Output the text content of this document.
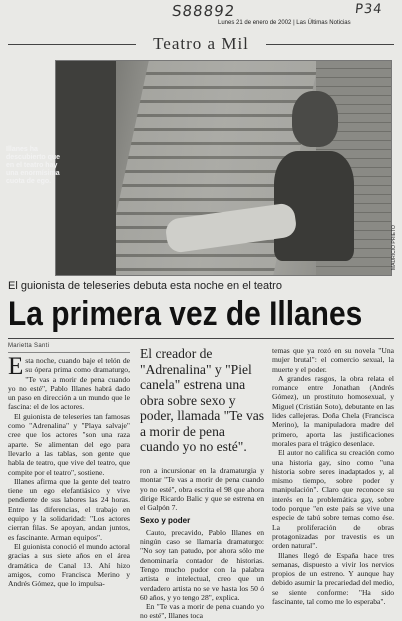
S88892	P34
Lunes 21 de enero de 2002 | Las Últimas Noticias
Teatro a Mil
Illanes ha descubierto que en el teatro hay una enormísima cuota de ego.
MAURICIO PRIETO
El guionista de teleseries debuta esta noche en el teatro
La primera vez de Illanes
Marietta Santi

Esta noche, cuando baje el telón de su ópera prima como dramaturgo, "Te vas a morir de pena cuando yo no esté", Pablo Illanes habrá dado un paso en dirección a un mundo que le fascina: el de los actores.

El guionista de teleseries tan famosas como "Adrenalina" y "Playa salvaje" cree que los actores "son una raza aparte. Se alimentan del ego para llevarlo a las tablas, son gente que habla de teatro, que vive del teatro, que compite por el teatro", sostiene.

Illanes afirma que la gente del teatro tiene un ego elefantiásico y vive pendiente de sus labores las 24 horas. Entre las diferencias, el trabajo en equipo y la solidaridad: "Los actores cierran filas. Se apoyan, andan juntos, es fascinante. Arman equipos".

El guionista conoció el mundo actoral gracias a sus siete años en el área dramática de Canal 13. Ahí hizo amigos, como Francisca Merino y Andrés Gómez, que lo impulsa-

El creador de "Adrenalina" y "Piel canela" estrena una obra sobre sexo y poder, llamada "Te vas a morir de pena cuando yo no esté".

ron a incursionar en la dramaturgia y montar "Te vas a morir de pena cuando yo no esté", obra escrita el 98 que ahora dirige Ricardo Balic y que se estrena en el Galpón 7.

Sexo y poder

Cauto, precavido, Pablo Illanes en ningún caso se llamaría dramaturgo: "No soy tan patudo, por ahora sólo me denominaría contador de historias. Tengo mucho pudor con la palabra artista e intelectual, creo que un verdadero artista no se ve hasta los 50 ó 60 años, y yo tengo 28", explica.

En "Te vas a morir de pena cuando yo no esté", Illanes toca

temas que ya rozó en su novela "Una mujer brutal": el comercio sexual, la muerte y el poder.

A grandes rasgos, la obra relata el romance entre Jonathan (Andrés Gómez), un prostituto homosexual, y Miguel (Cristián Soto), debutante en las lides callejeras. Doña Chela (Francisca Merino), la manipuladora madre del primero, aporta las justificaciones morales para el trágico desenlace.

El autor no califica su creación como una historia gay, sino como "una historia sobre seres inadaptados y, al mismo tiempo, sobre poder y manipulación". Claro que reconoce su interés en la problemática gay, sobre todo porque "en este país se vive una especie de tabú sobre temas como ése. La proliferación de obras protagonizadas por travestis es un orden natural".

Illanes llegó de España hace tres semanas, dispuesto a vivir los nervios propios de un estreno. Y aunque hay debido asumir la precariedad del medio, se siente conforme: "Ha sido fascinante, tal como me lo esperaba".
